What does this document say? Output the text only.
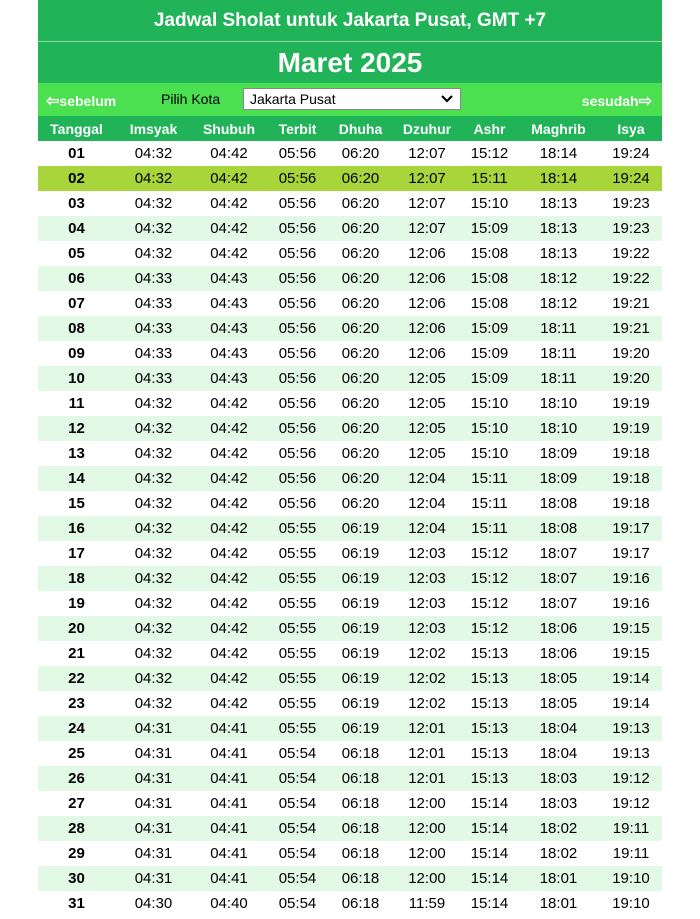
Jadwal Sholat untuk Jakarta Pusat, GMT +7
Maret 2025
⇦sebelum	Pilih Kota	Jakarta Pusat	sesudah⇨
Tanggal	Imsyak	Shubuh	Terbit	Dhuha	Dzuhur	Ashr	Maghrib	Isya
01	04:32	04:42	05:56	06:20	12:07	15:12	18:14	19:24
02	04:32	04:42	05:56	06:20	12:07	15:11	18:14	19:24
03	04:32	04:42	05:56	06:20	12:07	15:10	18:13	19:23
04	04:32	04:42	05:56	06:20	12:07	15:09	18:13	19:23
05	04:32	04:42	05:56	06:20	12:06	15:08	18:13	19:22
06	04:33	04:43	05:56	06:20	12:06	15:08	18:12	19:22
07	04:33	04:43	05:56	06:20	12:06	15:08	18:12	19:21
08	04:33	04:43	05:56	06:20	12:06	15:09	18:11	19:21
09	04:33	04:43	05:56	06:20	12:06	15:09	18:11	19:20
10	04:33	04:43	05:56	06:20	12:05	15:09	18:11	19:20
11	04:32	04:42	05:56	06:20	12:05	15:10	18:10	19:19
12	04:32	04:42	05:56	06:20	12:05	15:10	18:10	19:19
13	04:32	04:42	05:56	06:20	12:05	15:10	18:09	19:18
14	04:32	04:42	05:56	06:20	12:04	15:11	18:09	19:18
15	04:32	04:42	05:56	06:20	12:04	15:11	18:08	19:18
16	04:32	04:42	05:55	06:19	12:04	15:11	18:08	19:17
17	04:32	04:42	05:55	06:19	12:03	15:12	18:07	19:17
18	04:32	04:42	05:55	06:19	12:03	15:12	18:07	19:16
19	04:32	04:42	05:55	06:19	12:03	15:12	18:07	19:16
20	04:32	04:42	05:55	06:19	12:03	15:12	18:06	19:15
21	04:32	04:42	05:55	06:19	12:02	15:13	18:06	19:15
22	04:32	04:42	05:55	06:19	12:02	15:13	18:05	19:14
23	04:32	04:42	05:55	06:19	12:02	15:13	18:05	19:14
24	04:31	04:41	05:55	06:19	12:01	15:13	18:04	19:13
25	04:31	04:41	05:54	06:18	12:01	15:13	18:04	19:13
26	04:31	04:41	05:54	06:18	12:01	15:13	18:03	19:12
27	04:31	04:41	05:54	06:18	12:00	15:14	18:03	19:12
28	04:31	04:41	05:54	06:18	12:00	15:14	18:02	19:11
29	04:31	04:41	05:54	06:18	12:00	15:14	18:02	19:11
30	04:31	04:41	05:54	06:18	12:00	15:14	18:01	19:10
31	04:30	04:40	05:54	06:18	11:59	15:14	18:01	19:10
